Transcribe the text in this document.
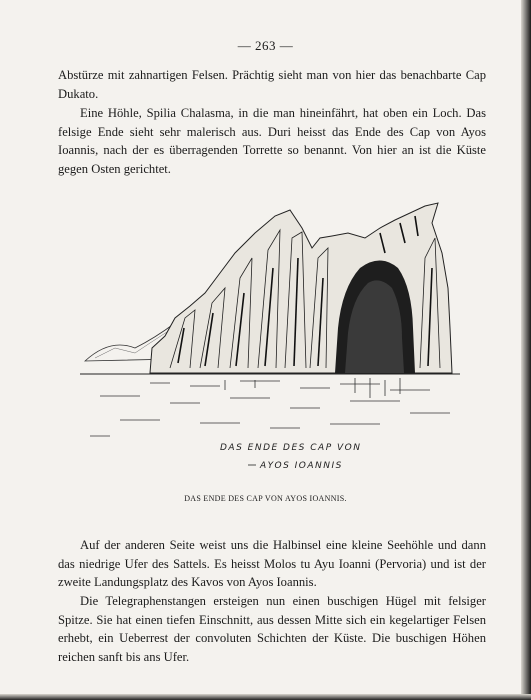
— 263 —

Abstürze mit zahnartigen Felsen. Prächtig sieht man von hier das benachbarte Cap Dukato.

Eine Höhle, Spilia Chalasma, in die man hineinfährt, hat oben ein Loch. Das felsige Ende sieht sehr malerisch aus. Duri heisst das Ende des Cap von Ayos Ioannis, nach der es überragenden Torrette so benannt. Von hier an ist die Küste gegen Osten gerichtet.

DAS ENDE DES CAP VON
AYOS IOANNIS
DAS ENDE DES CAP VON AYOS IOANNIS.

Auf der anderen Seite weist uns die Halbinsel eine kleine Seehöhle und dann das niedrige Ufer des Sattels. Es heisst Molos tu Ayu Ioanni (Pervoria) und ist der zweite Landungsplatz des Kavos von Ayos Ioannis.

Die Telegraphenstangen ersteigen nun einen buschigen Hügel mit felsiger Spitze. Sie hat einen tiefen Einschnitt, aus dessen Mitte sich ein kegelartiger Felsen erhebt, ein Ueberrest der convoluten Schichten der Küste. Die buschigen Höhen reichen sanft bis ans Ufer.
